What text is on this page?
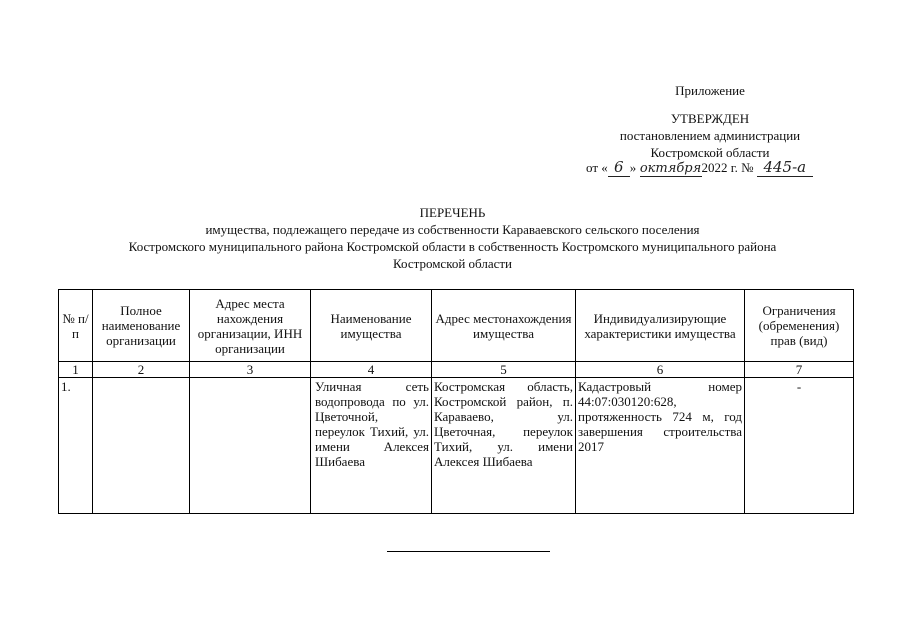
Приложение
УТВЕРЖДЕН
постановлением администрации
Костромской области
от « 6 » октября2022 г. № 445-а
ПЕРЕЧЕНЬ
имущества, подлежащего передаче из собственности Караваевского сельского поселения
Костромского муниципального района Костромской области в собственность Костромского муниципального района
Костромской области
№ п/п	Полное наименование организации	Адрес места нахождения организации, ИНН организации	Наименование имущества	Адрес местонахождения имущества	Индивидуализирующие характеристики имущества	Ограничения (обременения) прав (вид)
1	2	3	4	5	6	7
1.			Уличная сеть водопровода по ул. Цветочной, переулок Тихий, ул. имени Алексея Шибаева	Костромская область, Костромской район, п. Караваево, ул. Цветочная, переулок Тихий, ул. имени Алексея Шибаева	Кадастровый номер 44:07:030120:628, протяженность 724 м, год завершения строительства 2017	-
